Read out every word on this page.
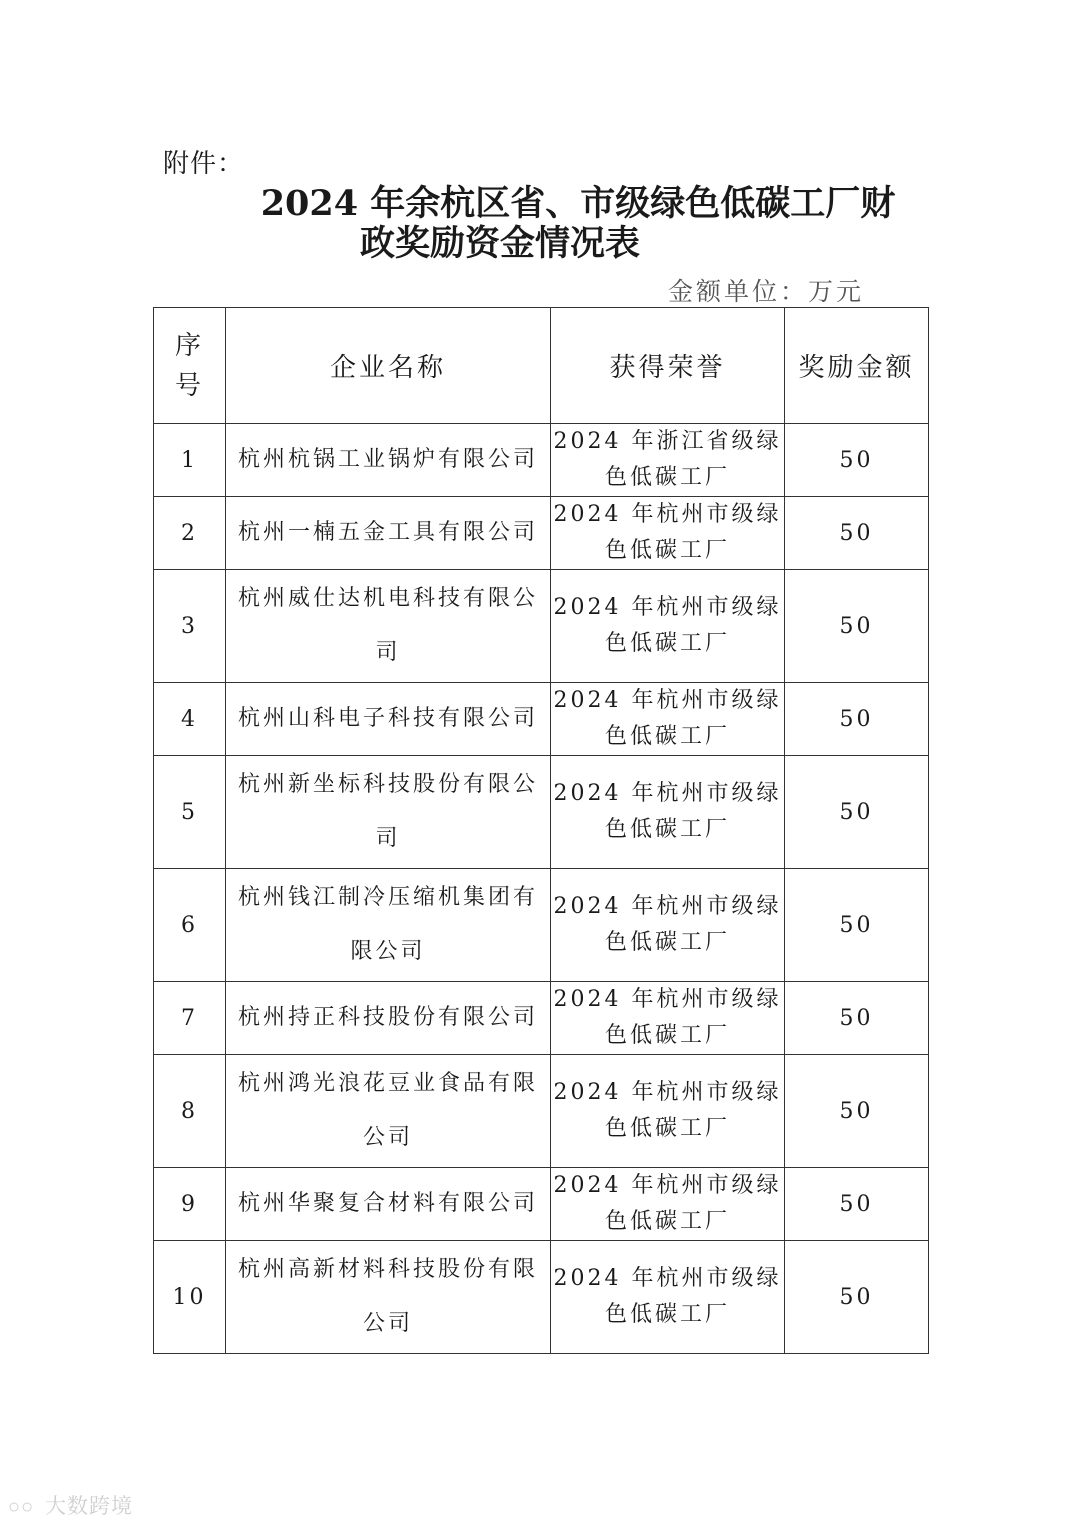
附件：
2024 年余杭区省、市级绿色低碳工厂财
政奖励资金情况表
金额单位：万元
序
号	企业名称	获得荣誉	奖励金额
1	杭州杭锅工业锅炉有限公司	2024 年浙江省级绿色低碳工厂	50
2	杭州一楠五金工具有限公司	2024 年杭州市级绿色低碳工厂	50
3	杭州威仕达机电科技有限公司	2024 年杭州市级绿色低碳工厂	50
4	杭州山科电子科技有限公司	2024 年杭州市级绿色低碳工厂	50
5	杭州新坐标科技股份有限公司	2024 年杭州市级绿色低碳工厂	50
6	杭州钱江制冷压缩机集团有限公司	2024 年杭州市级绿色低碳工厂	50
7	杭州持正科技股份有限公司	2024 年杭州市级绿色低碳工厂	50
8	杭州鸿光浪花豆业食品有限公司	2024 年杭州市级绿色低碳工厂	50
9	杭州华聚复合材料有限公司	2024 年杭州市级绿色低碳工厂	50
10	杭州高新材料科技股份有限公司	2024 年杭州市级绿色低碳工厂	50
○○ 大数跨境
